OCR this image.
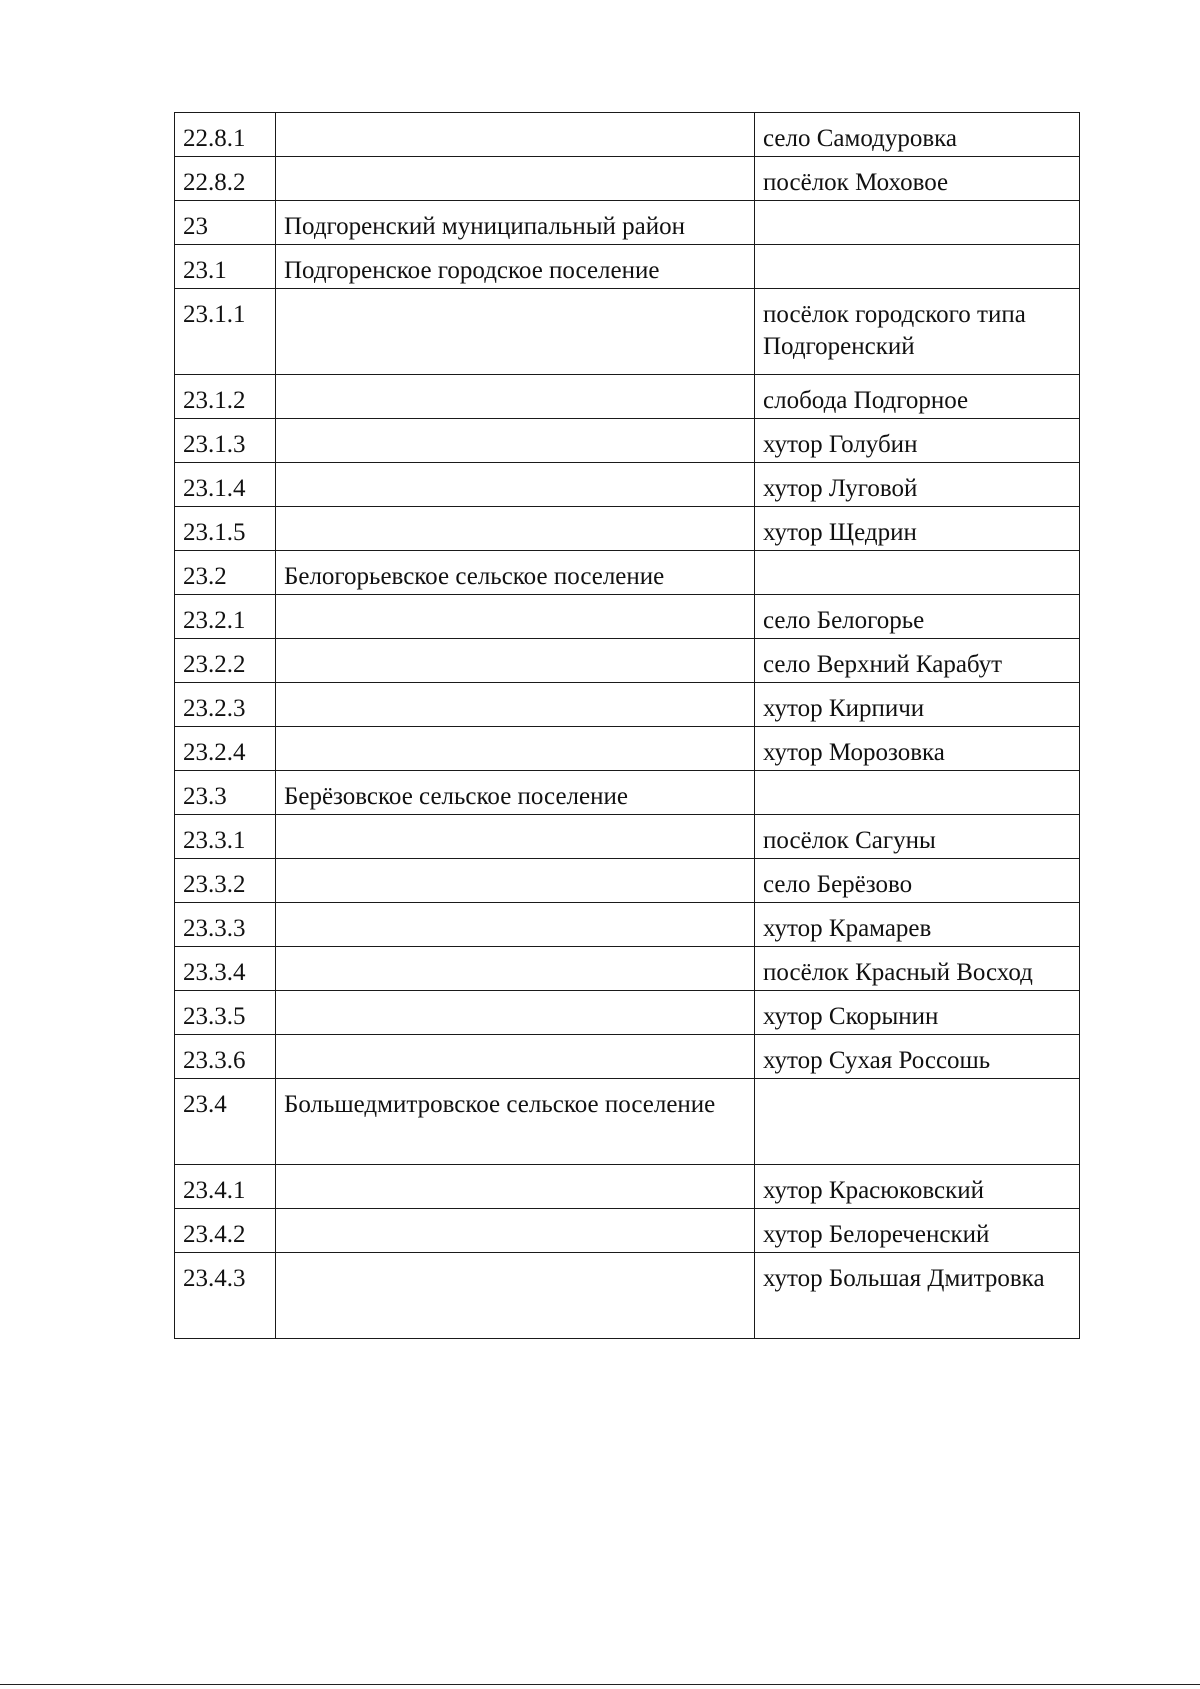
22.8.1		село Самодуровка
22.8.2		посёлок Моховое
23	Подгоренский муниципальный район	
23.1	Подгоренское городское поселение	
23.1.1		посёлок городского типа Подгоренский
23.1.2		слобода Подгорное
23.1.3		хутор Голубин
23.1.4		хутор Луговой
23.1.5		хутор Щедрин
23.2	Белогорьевское сельское поселение	
23.2.1		село Белогорье
23.2.2		село Верхний Карабут
23.2.3		хутор Кирпичи
23.2.4		хутор Морозовка
23.3	Берёзовское сельское поселение	
23.3.1		посёлок Сагуны
23.3.2		село Берёзово
23.3.3		хутор Крамарев
23.3.4		посёлок Красный Восход
23.3.5		хутор Скорынин
23.3.6		хутор Сухая Россошь
23.4	Большедмитровское сельское поселение	
23.4.1		хутор Красюковский
23.4.2		хутор Белореченский
23.4.3		хутор Большая Дмитровка
